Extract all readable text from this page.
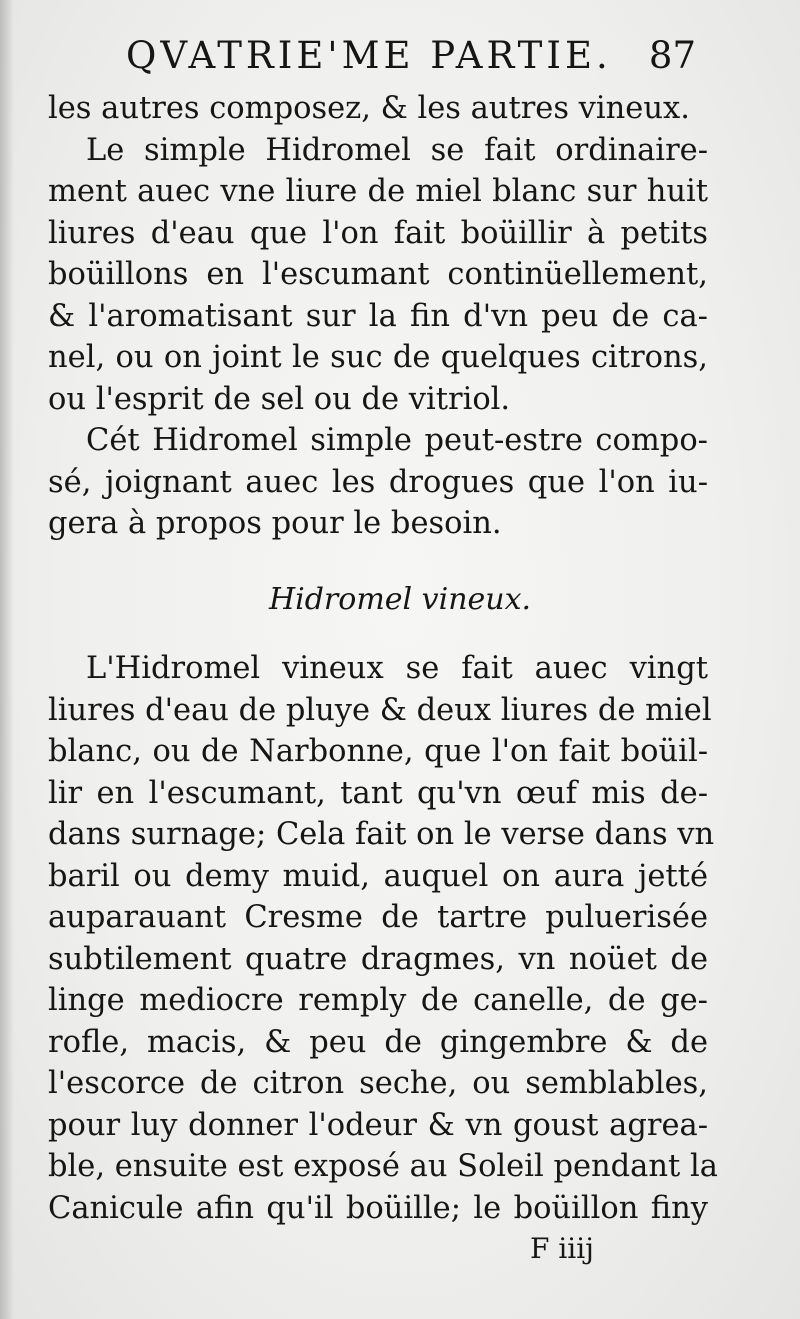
QVATRIE'ME PARTIE. 87
les autres composez, & les autres vineux.
Le simple Hidromel se fait ordinaire-
ment auec vne liure de miel blanc sur huit
liures d'eau que l'on fait boüillir à petits
boüillons en l'escumant continüellement,
& l'aromatisant sur la fin d'vn peu de ca-
nel, ou on joint le suc de quelques citrons,
ou l'esprit de sel ou de vitriol.
Cét Hidromel simple peut-estre compo-
sé, joignant auec les drogues que l'on iu-
gera à propos pour le besoin.
Hidromel vineux.
L'Hidromel vineux se fait auec vingt
liures d'eau de pluye & deux liures de miel
blanc, ou de Narbonne, que l'on fait boüil-
lir en l'escumant, tant qu'vn œuf mis de-
dans surnage; Cela fait on le verse dans vn
baril ou demy muid, auquel on aura jetté
auparauant Cresme de tartre puluerisée
subtilement quatre dragmes, vn noüet de
linge mediocre remply de canelle, de ge-
rofle, macis, & peu de gingembre & de
l'escorce de citron seche, ou semblables,
pour luy donner l'odeur & vn goust agrea-
ble, ensuite est exposé au Soleil pendant la
Canicule afin qu'il boüille; le boüillon finy
F iiij
